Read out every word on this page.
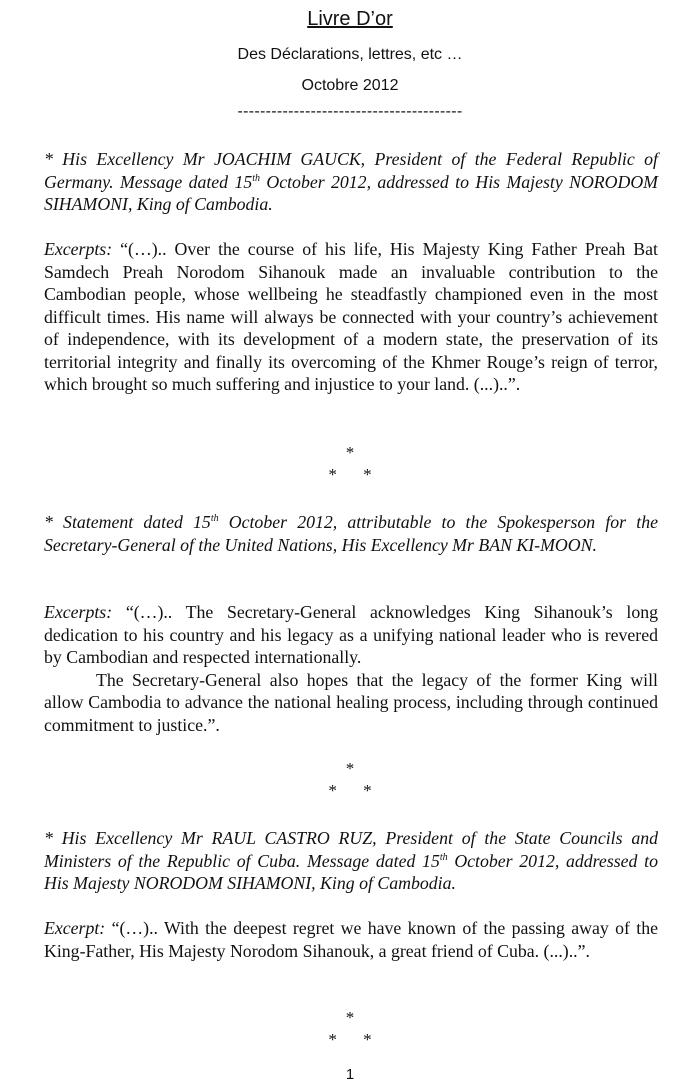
Livre D’or
Des Déclarations, lettres, etc …
Octobre 2012
----------------------------------------
* His Excellency Mr JOACHIM GAUCK, President of the Federal Republic of Germany. Message dated 15th October 2012, addressed to His Majesty NORODOM SIHAMONI, King of Cambodia.

Excerpts: “(…).. Over the course of his life, His Majesty King Father Preah Bat Samdech Preah Norodom Sihanouk made an invaluable contribution to the Cambodian people, whose wellbeing he steadfastly championed even in the most difficult times. His name will always be connected with your country’s achievement of independence, with its development of a modern state, the preservation of its territorial integrity and finally its overcoming of the Khmer Rouge’s reign of terror, which brought so much suffering and injustice to your land. (...)..”.

*
* *
* Statement dated 15th October 2012, attributable to the Spokesperson for the Secretary-General of the United Nations, His Excellency Mr BAN KI-MOON.

Excerpts: “(…).. The Secretary-General acknowledges King Sihanouk’s long dedication to his country and his legacy as a unifying national leader who is revered by Cambodian and respected internationally.

The Secretary-General also hopes that the legacy of the former King will allow Cambodia to advance the national healing process, including through continued commitment to justice.”.

*
* *
* His Excellency Mr RAUL CASTRO RUZ, President of the State Councils and Ministers of the Republic of Cuba. Message dated 15th October 2012, addressed to His Majesty NORODOM SIHAMONI, King of Cambodia.

Excerpt: “(…).. With the deepest regret we have known of the passing away of the King-Father, His Majesty Norodom Sihanouk, a great friend of Cuba. (...)..”.

*
* *
1
